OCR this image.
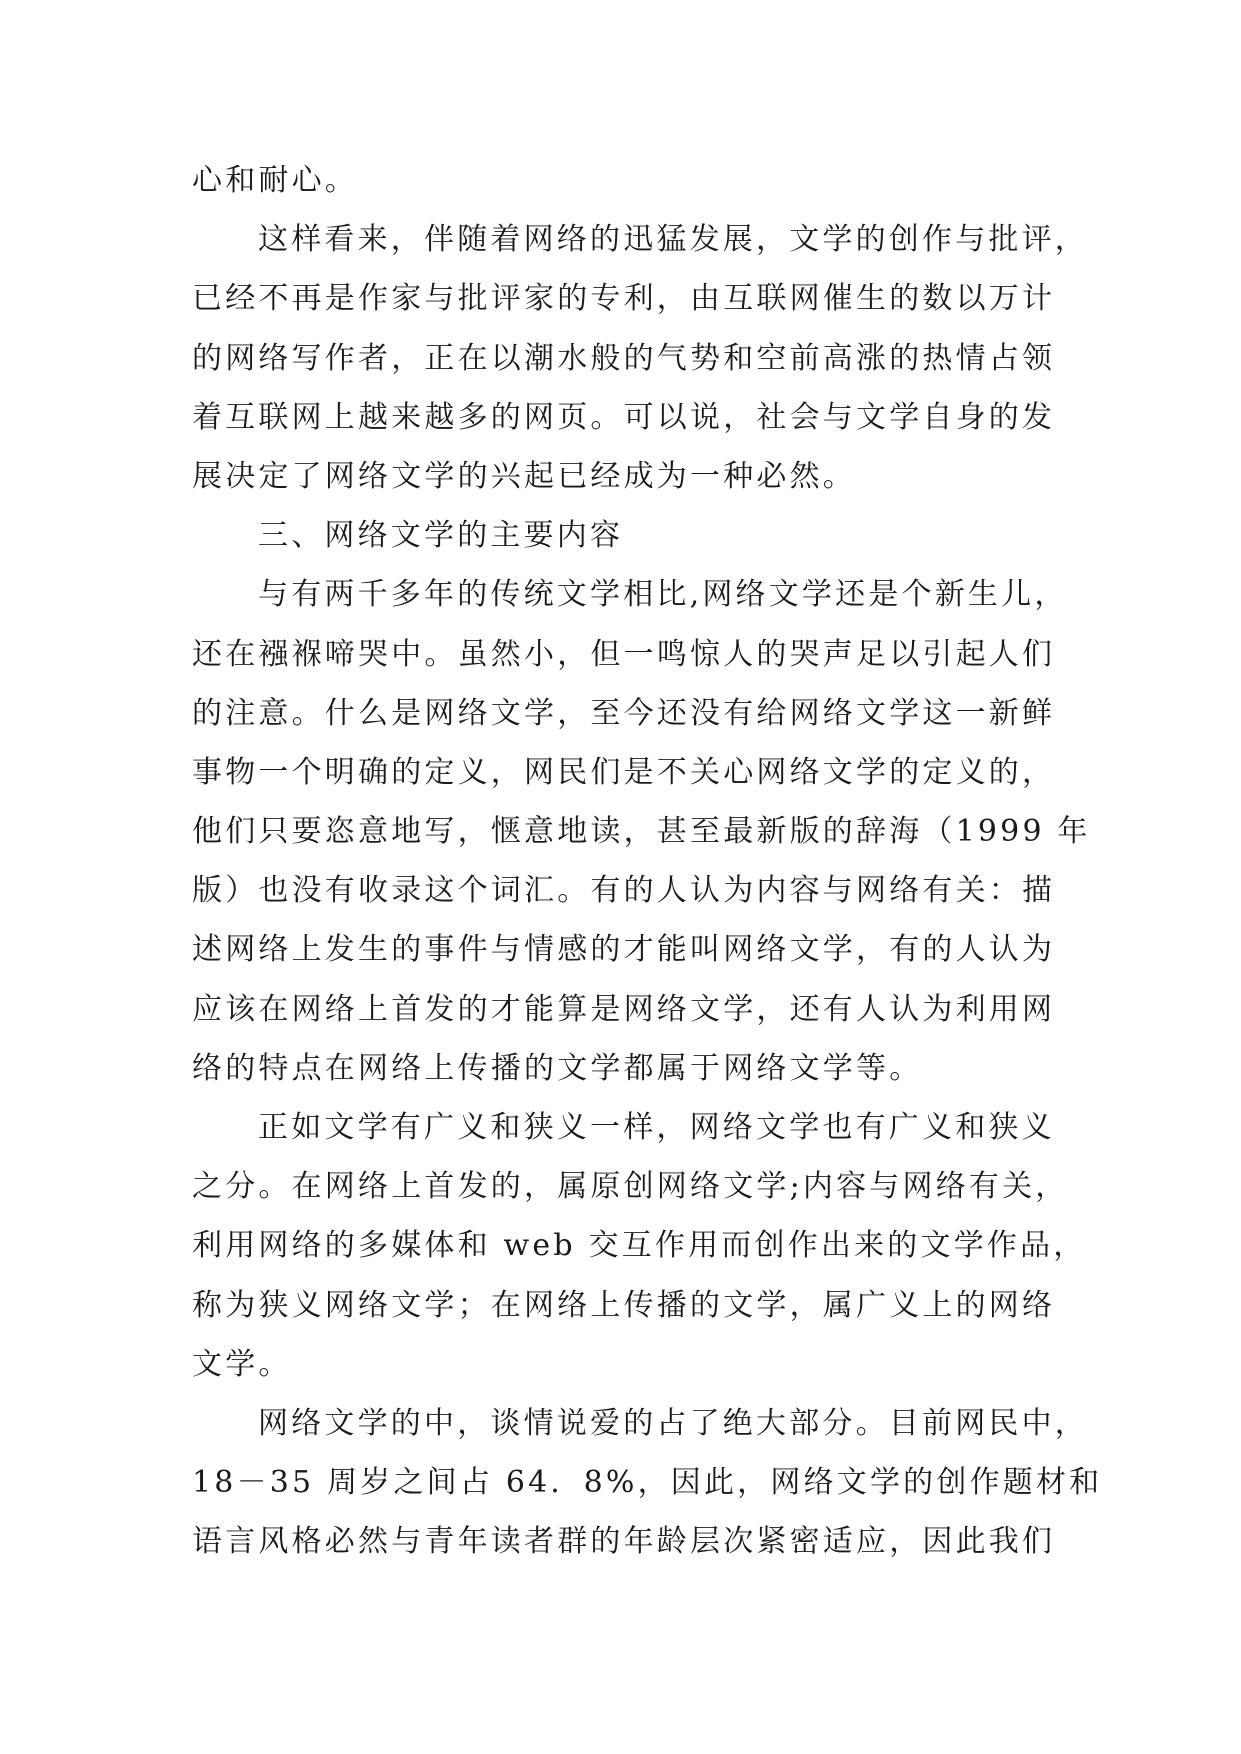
心和耐心。
这样看来，伴随着网络的迅猛发展，文学的创作与批评，
已经不再是作家与批评家的专利，由互联网催生的数以万计
的网络写作者，正在以潮水般的气势和空前高涨的热情占领
着互联网上越来越多的网页。可以说，社会与文学自身的发
展决定了网络文学的兴起已经成为一种必然。
三、网络文学的主要内容
与有两千多年的传统文学相比,网络文学还是个新生儿，
还在襁褓啼哭中。虽然小，但一鸣惊人的哭声足以引起人们
的注意。什么是网络文学，至今还没有给网络文学这一新鲜
事物一个明确的定义，网民们是不关心网络文学的定义的，
他们只要恣意地写，惬意地读，甚至最新版的辞海（1999 年
版）也没有收录这个词汇。有的人认为内容与网络有关：描
述网络上发生的事件与情感的才能叫网络文学，有的人认为
应该在网络上首发的才能算是网络文学，还有人认为利用网
络的特点在网络上传播的文学都属于网络文学等。
正如文学有广义和狭义一样，网络文学也有广义和狭义
之分。在网络上首发的，属原创网络文学;内容与网络有关，
利用网络的多媒体和 web 交互作用而创作出来的文学作品，
称为狭义网络文学；在网络上传播的文学，属广义上的网络
文学。
网络文学的中，谈情说爱的占了绝大部分。目前网民中，
18－35 周岁之间占 64．8%，因此，网络文学的创作题材和
语言风格必然与青年读者群的年龄层次紧密适应，因此我们
